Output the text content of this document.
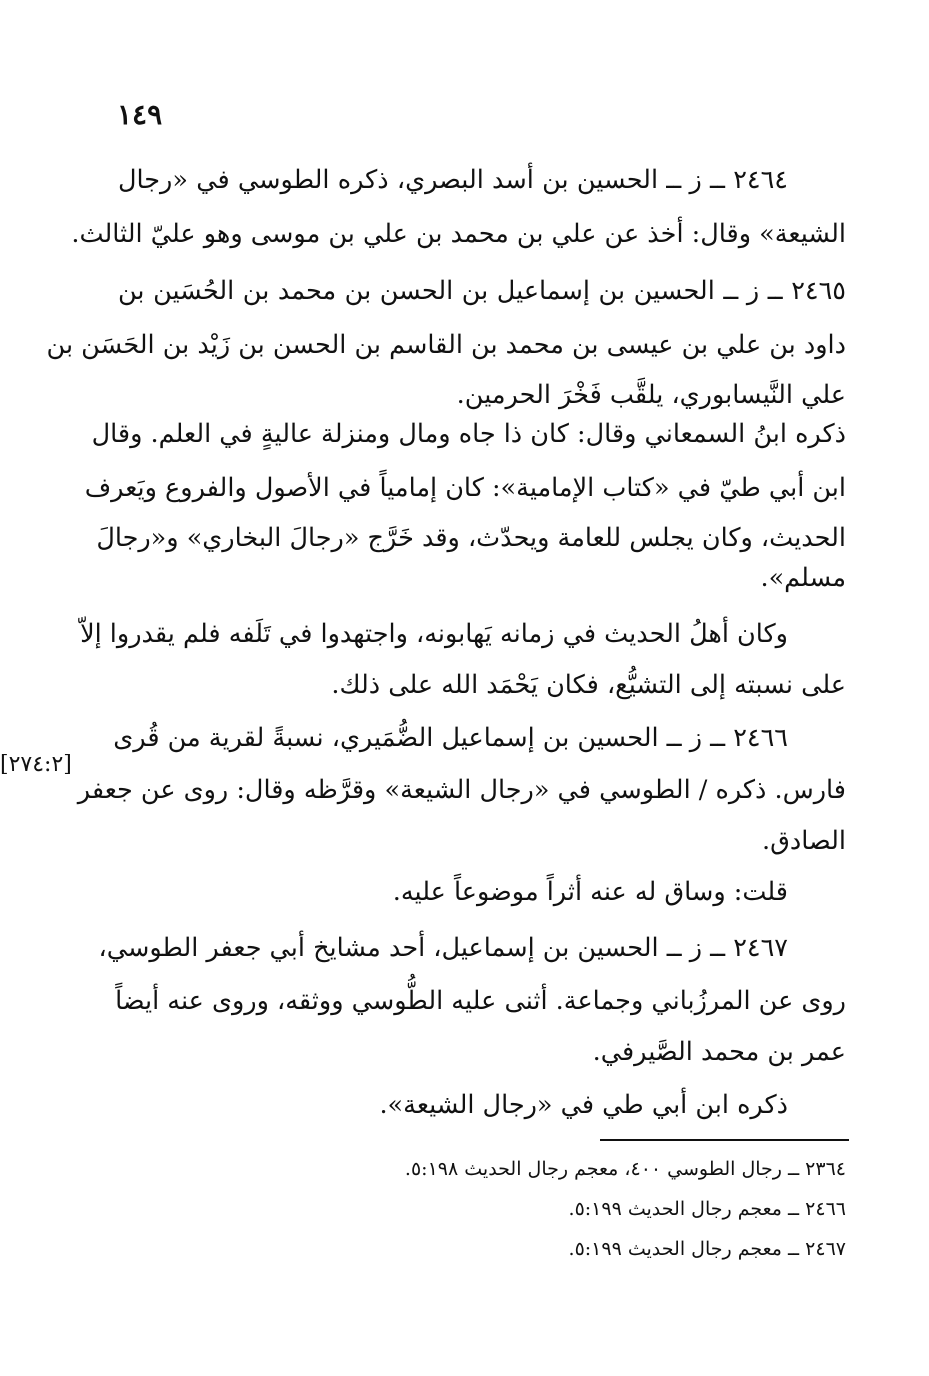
١٤٩
٢٤٦٤ ــ ز ــ الحسين بن أسد البصري، ذكره الطوسي في «رجال
الشيعة» وقال: أخذ عن علي بن محمد بن علي بن موسى وهو عليّ الثالث.
٢٤٦٥ ــ ز ــ الحسين بن إسماعيل بن الحسن بن محمد بن الحُسَين بن
داود بن علي بن عيسى بن محمد بن القاسم بن الحسن بن زَيْد بن الحَسَن بن
علي النَّيسابوري، يلقَّب فَخْرَ الحرمين.
ذكره ابنُ السمعاني وقال: كان ذا جاه ومال ومنزلة عاليةٍ في العلم. وقال
ابن أبي طيّ في «كتاب الإمامية»: كان إمامياً في الأصول والفروع ويَعرف
الحديث، وكان يجلس للعامة ويحدّث، وقد خَرَّج «رجالَ البخاري» و«رجالَ
مسلم».
وكان أهلُ الحديث في زمانه يَهابونه، واجتهدوا في تَلَفه فلم يقدروا إلاّ
على نسبته إلى التشيُّع، فكان يَحْمَد الله على ذلك.
٢٤٦٦ ــ ز ــ الحسين بن إسماعيل الضُّمَيري، نسبةً لقرية من قُرى
فارس. ذكره / الطوسي في «رجال الشيعة» وقرَّظه وقال: روى عن جعفر
الصادق.
قلت: وساق له عنه أثراً موضوعاً عليه.
٢٤٦٧ ــ ز ــ الحسين بن إسماعيل، أحد مشايخ أبي جعفر الطوسي،
روى عن المرزُباني وجماعة. أثنى عليه الطُّوسي ووثقه، وروى عنه أيضاً
عمر بن محمد الصَّيرفي.
ذكره ابن أبي طي في «رجال الشيعة».
[٢٧٤:٢]
٢٣٦٤ ــ رجال الطوسي ٤٠٠، معجم رجال الحديث ٥:١٩٨.
٢٤٦٦ ــ معجم رجال الحديث ٥:١٩٩.
٢٤٦٧ ــ معجم رجال الحديث ٥:١٩٩.
